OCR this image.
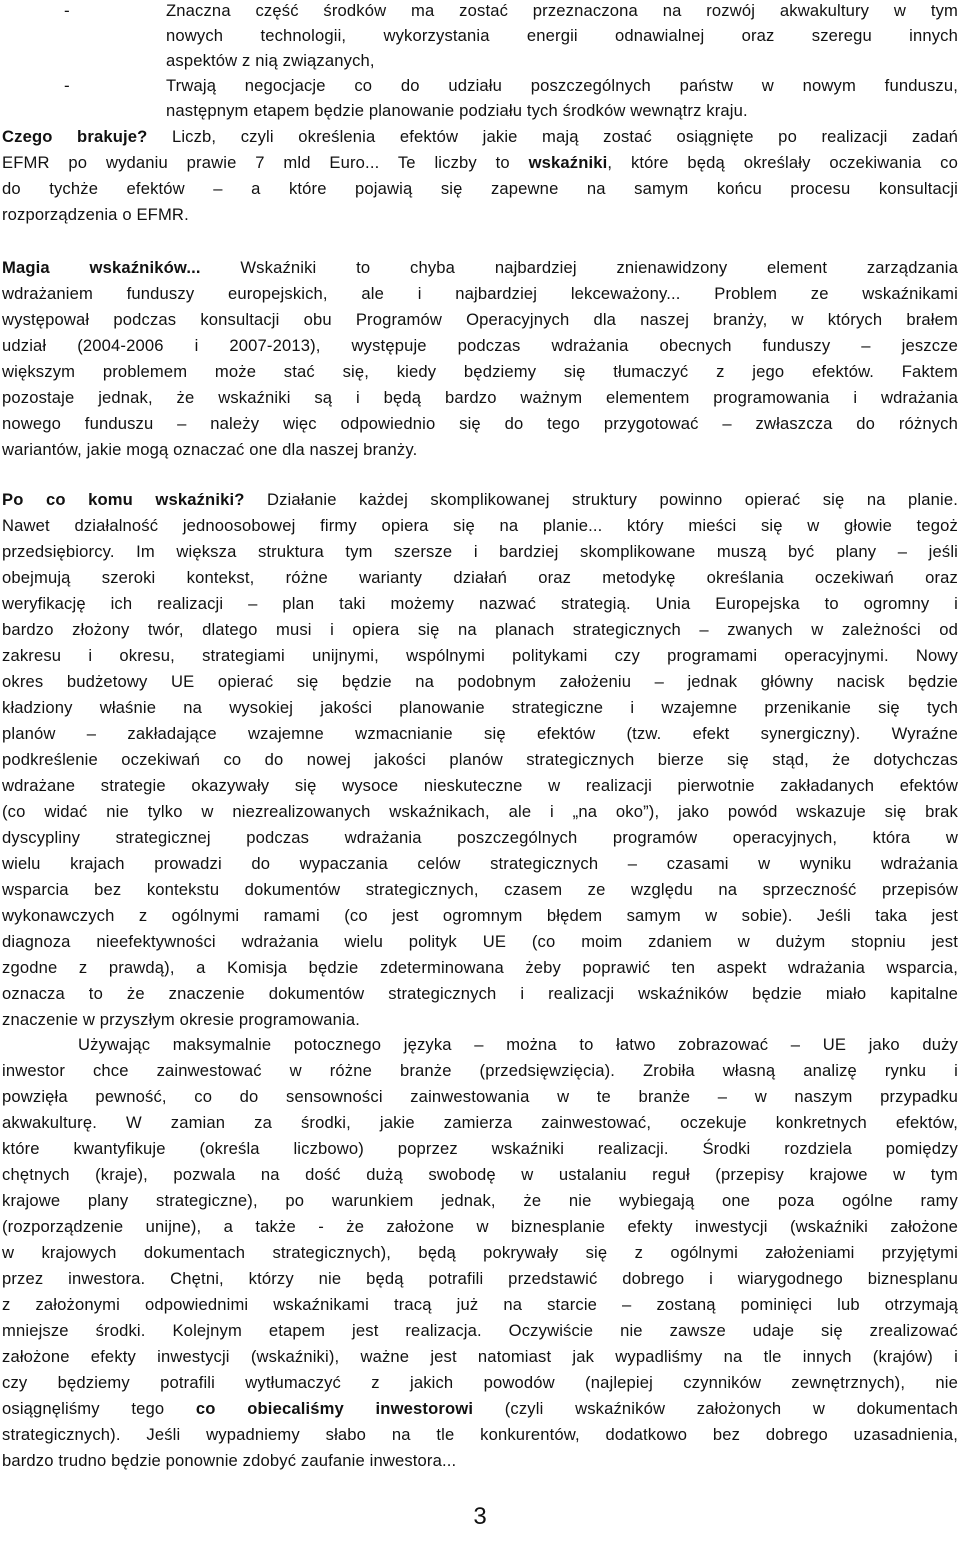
-	Znaczna część środków ma zostać przeznaczona na rozwój akwakultury w tym
nowych technologii, wykorzystania energii odnawialnej oraz szeregu innych
aspektów z nią związanych,
-	Trwają negocjacje co do udziału poszczególnych państw w nowym funduszu,
następnym etapem będzie planowanie podziału tych środków wewnątrz kraju.
Czego brakuje? Liczb, czyli określenia efektów jakie mają zostać osiągnięte po realizacji zadań
EFMR po wydaniu prawie 7 mld Euro... Te liczby to wskaźniki, które będą określały oczekiwania co
do tychże efektów – a które pojawią się zapewne na samym końcu procesu konsultacji
rozporządzenia o EFMR.
Magia wskaźników... Wskaźniki to chyba najbardziej znienawidzony element zarządzania
wdrażaniem funduszy europejskich, ale i najbardziej lekceważony... Problem ze wskaźnikami
występował podczas konsultacji obu Programów Operacyjnych dla naszej branży, w których brałem
udział (2004-2006 i 2007-2013), występuje podczas wdrażania obecnych funduszy – jeszcze
większym problemem może stać się, kiedy będziemy się tłumaczyć z jego efektów. Faktem
pozostaje jednak, że wskaźniki są i będą bardzo ważnym elementem programowania i wdrażania
nowego funduszu – należy więc odpowiednio się do tego przygotować – zwłaszcza do różnych
wariantów, jakie mogą oznaczać one dla naszej branży.
Po co komu wskaźniki? Działanie każdej skomplikowanej struktury powinno opierać się na planie.
Nawet działalność jednoosobowej firmy opiera się na planie... który mieści się w głowie tegoż
przedsiębiorcy. Im większa struktura tym szersze i bardziej skomplikowane muszą być plany – jeśli
obejmują szeroki kontekst, różne warianty działań oraz metodykę określania oczekiwań oraz
weryfikację ich realizacji – plan taki możemy nazwać strategią. Unia Europejska to ogromny i
bardzo złożony twór, dlatego musi i opiera się na planach strategicznych – zwanych w zależności od
zakresu i okresu, strategiami unijnymi, wspólnymi politykami czy programami operacyjnymi. Nowy
okres budżetowy UE opierać się będzie na podobnym założeniu – jednak główny nacisk będzie
kładziony właśnie na wysokiej jakości planowanie strategiczne i wzajemne przenikanie się tych
planów – zakładające wzajemne wzmacnianie się efektów (tzw. efekt synergiczny). Wyraźne
podkreślenie oczekiwań co do nowej jakości planów strategicznych bierze się stąd, że dotychczas
wdrażane strategie okazywały się wysoce nieskuteczne w realizacji pierwotnie zakładanych efektów
(co widać nie tylko w niezrealizowanych wskaźnikach, ale i „na oko”), jako powód wskazuje się brak
dyscypliny strategicznej podczas wdrażania poszczególnych programów operacyjnych, która w
wielu krajach prowadzi do wypaczania celów strategicznych – czasami w wyniku wdrażania
wsparcia bez kontekstu dokumentów strategicznych, czasem ze względu na sprzeczność przepisów
wykonawczych z ogólnymi ramami (co jest ogromnym błędem samym w sobie). Jeśli taka jest
diagnoza nieefektywności wdrażania wielu polityk UE (co moim zdaniem w dużym stopniu jest
zgodne z prawdą), a Komisja będzie zdeterminowana żeby poprawić ten aspekt wdrażania wsparcia,
oznacza to że znaczenie dokumentów strategicznych i realizacji wskaźników będzie miało kapitalne
znaczenie w przyszłym okresie programowania.
Używając maksymalnie potocznego języka – można to łatwo zobrazować – UE jako duży
inwestor chce zainwestować w różne branże (przedsięwzięcia). Zrobiła własną analizę rynku i
powzięła pewność, co do sensowności zainwestowania w te branże – w naszym przypadku
akwakulturę. W zamian za środki, jakie zamierza zainwestować, oczekuje konkretnych efektów,
które kwantyfikuje (określa liczbowo) poprzez wskaźniki realizacji. Środki rozdziela pomiędzy
chętnych (kraje), pozwala na dość dużą swobodę w ustalaniu reguł (przepisy krajowe w tym
krajowe plany strategiczne), po warunkiem jednak, że nie wybiegają one poza ogólne ramy
(rozporządzenie unijne), a także - że założone w biznesplanie efekty inwestycji (wskaźniki założone
w krajowych dokumentach strategicznych), będą pokrywały się z ogólnymi założeniami przyjętymi
przez inwestora. Chętni, którzy nie będą potrafili przedstawić dobrego i wiarygodnego biznesplanu
z założonymi odpowiednimi wskaźnikami tracą już na starcie – zostaną pominięci lub otrzymają
mniejsze środki. Kolejnym etapem jest realizacja. Oczywiście nie zawsze udaje się zrealizować
założone efekty inwestycji (wskaźniki), ważne jest natomiast jak wypadliśmy na tle innych (krajów) i
czy będziemy potrafili wytłumaczyć z jakich powodów (najlepiej czynników zewnętrznych), nie
osiągnęliśmy tego co obiecaliśmy inwestorowi (czyli wskaźników założonych w dokumentach
strategicznych). Jeśli wypadniemy słabo na tle konkurentów, dodatkowo bez dobrego uzasadnienia,
bardzo trudno będzie ponownie zdobyć zaufanie inwestora...
3
